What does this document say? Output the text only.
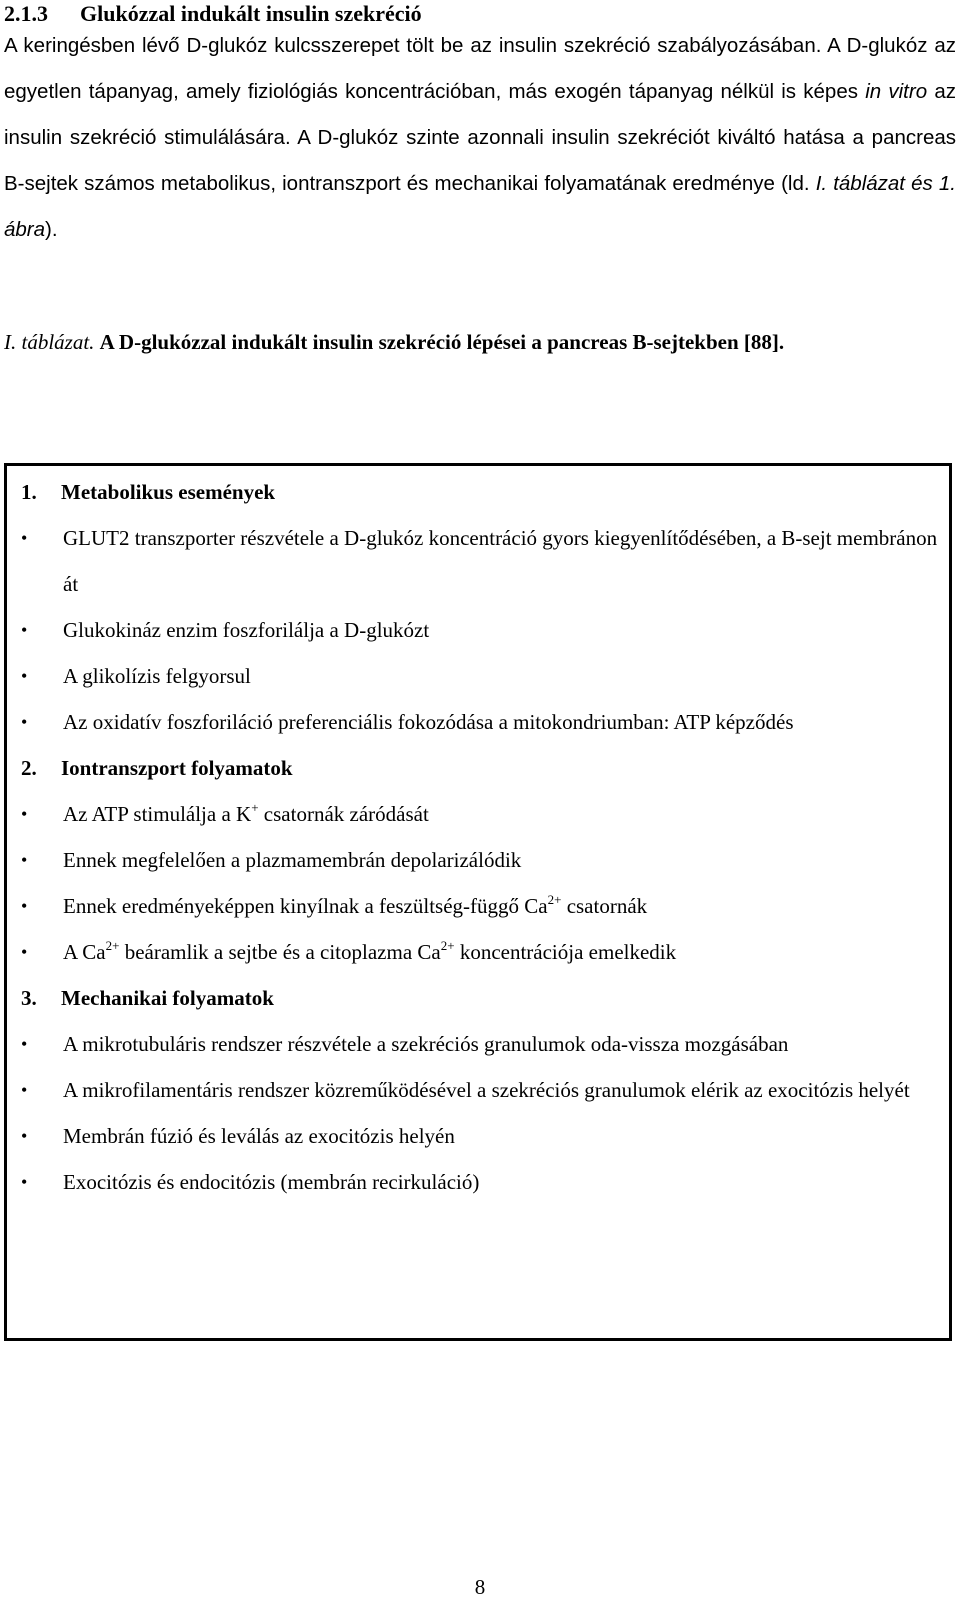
2.1.3 Glukózzal indukált insulin szekréció
A keringésben lévő D-glukóz kulcsszerepet tölt be az insulin szekréció szabályozásában. A D-glukóz az egyetlen tápanyag, amely fiziológiás koncentrációban, más exogén tápanyag nélkül is képes in vitro az insulin szekréció stimulálására. A D-glukóz szinte azonnali insulin szekréciót kiváltó hatása a pancreas B-sejtek számos metabolikus, iontranszport és mechanikai folyamatának eredménye (ld. I. táblázat és 1. ábra).
I. táblázat. A D-glukózzal indukált insulin szekréció lépései a pancreas B-sejtekben [88].
1. Metabolikus események
•	GLUT2 transzporter részvétele a D-glukóz koncentráció gyors kiegyenlítődésében, a B-sejt membránon át
•	Glukokináz enzim foszforilálja a D-glukózt
•	A glikolízis felgyorsul
•	Az oxidatív foszforiláció preferenciális fokozódása a mitokondriumban: ATP képződés
2. Iontranszport folyamatok
•	Az ATP stimulálja a K+ csatornák záródását
•	Ennek megfelelően a plazmamembrán depolarizálódik
•	Ennek eredményeképpen kinyílnak a feszültség-függő $Ca^{2+}$ csatornák
•	A $Ca^{2+}$ beáramlik a sejtbe és a citoplazma $Ca^{2+}$ koncentrációja emelkedik
3. Mechanikai folyamatok
•	A mikrotubuláris rendszer részvétele a szekréciós granulumok oda-vissza mozgásában
•	A mikrofilamentáris rendszer közreműködésével a szekréciós granulumok elérik az exocitózis helyét
•	Membrán fúzió és leválás az exocitózis helyén
•	Exocitózis és endocitózis (membrán recirkuláció)
8
